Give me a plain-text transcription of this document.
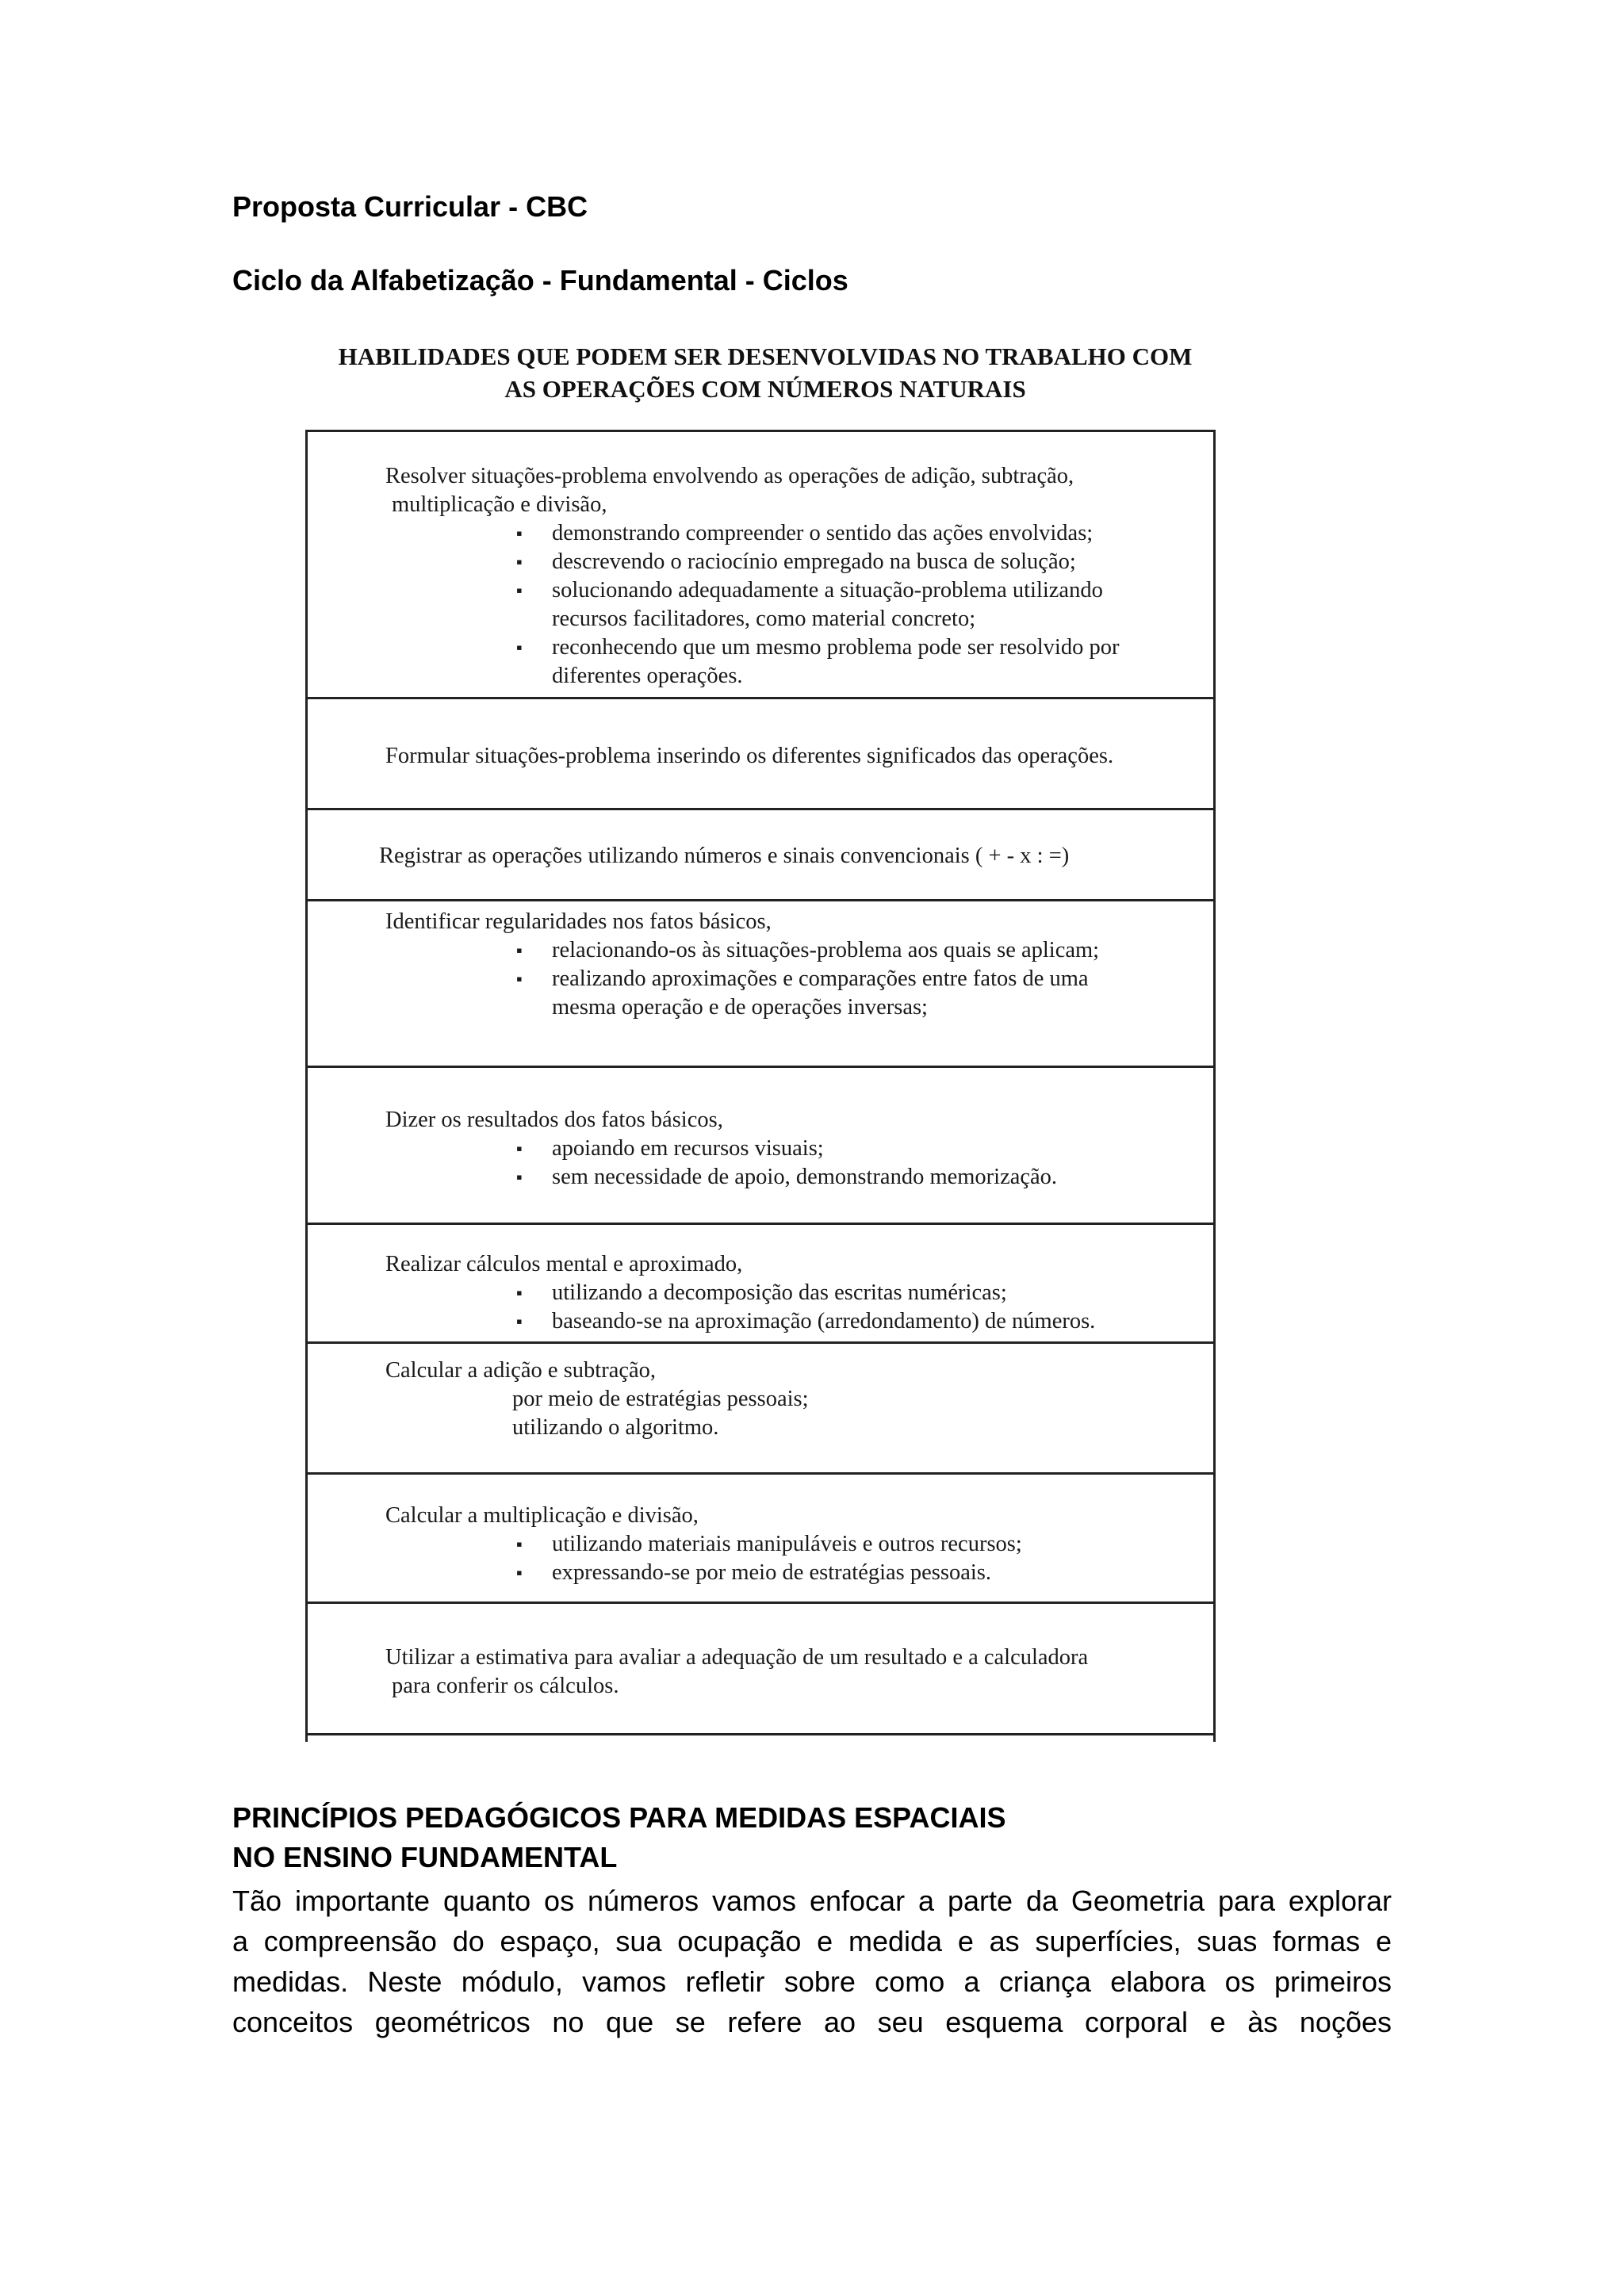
Proposta Curricular - CBC
Ciclo da Alfabetização - Fundamental - Ciclos
HABILIDADES QUE PODEM SER DESENVOLVIDAS NO TRABALHO COM
AS OPERAÇÕES COM NÚMEROS NATURAIS
Resolver situações-problema envolvendo as operações de adição, subtração,
multiplicação e divisão,
▪ demonstrando compreender o sentido das ações envolvidas;
▪ descrevendo o raciocínio empregado na busca de solução;
▪ solucionando adequadamente a situação-problema utilizando
recursos facilitadores, como material concreto;
▪ reconhecendo que um mesmo problema pode ser resolvido por
diferentes operações.
Formular situações-problema inserindo os diferentes significados das operações.
Registrar as operações utilizando números e sinais convencionais ( + - x : =)
Identificar regularidades nos fatos básicos,
▪ relacionando-os às situações-problema aos quais se aplicam;
▪ realizando aproximações e comparações entre fatos de uma
mesma operação e de operações inversas;
Dizer os resultados dos fatos básicos,
▪ apoiando em recursos visuais;
▪ sem necessidade de apoio, demonstrando memorização.
Realizar cálculos mental e aproximado,
▪ utilizando a decomposição das escritas numéricas;
▪ baseando-se na aproximação (arredondamento) de números.
Calcular a adição e subtração,
por meio de estratégias pessoais;
utilizando o algoritmo.
Calcular a multiplicação e divisão,
▪ utilizando materiais manipuláveis e outros recursos;
▪ expressando-se por meio de estratégias pessoais.
Utilizar a estimativa para avaliar a adequação de um resultado e a calculadora
para conferir os cálculos.
PRINCÍPIOS PEDAGÓGICOS PARA MEDIDAS ESPACIAIS
NO ENSINO FUNDAMENTAL
Tão importante quanto os números vamos enfocar a parte da Geometria para explorar
a compreensão do espaço, sua ocupação e medida e as superfícies, suas formas e
medidas. Neste módulo, vamos refletir sobre como a criança elabora os primeiros
conceitos geométricos no que se refere ao seu esquema corporal e às noções
